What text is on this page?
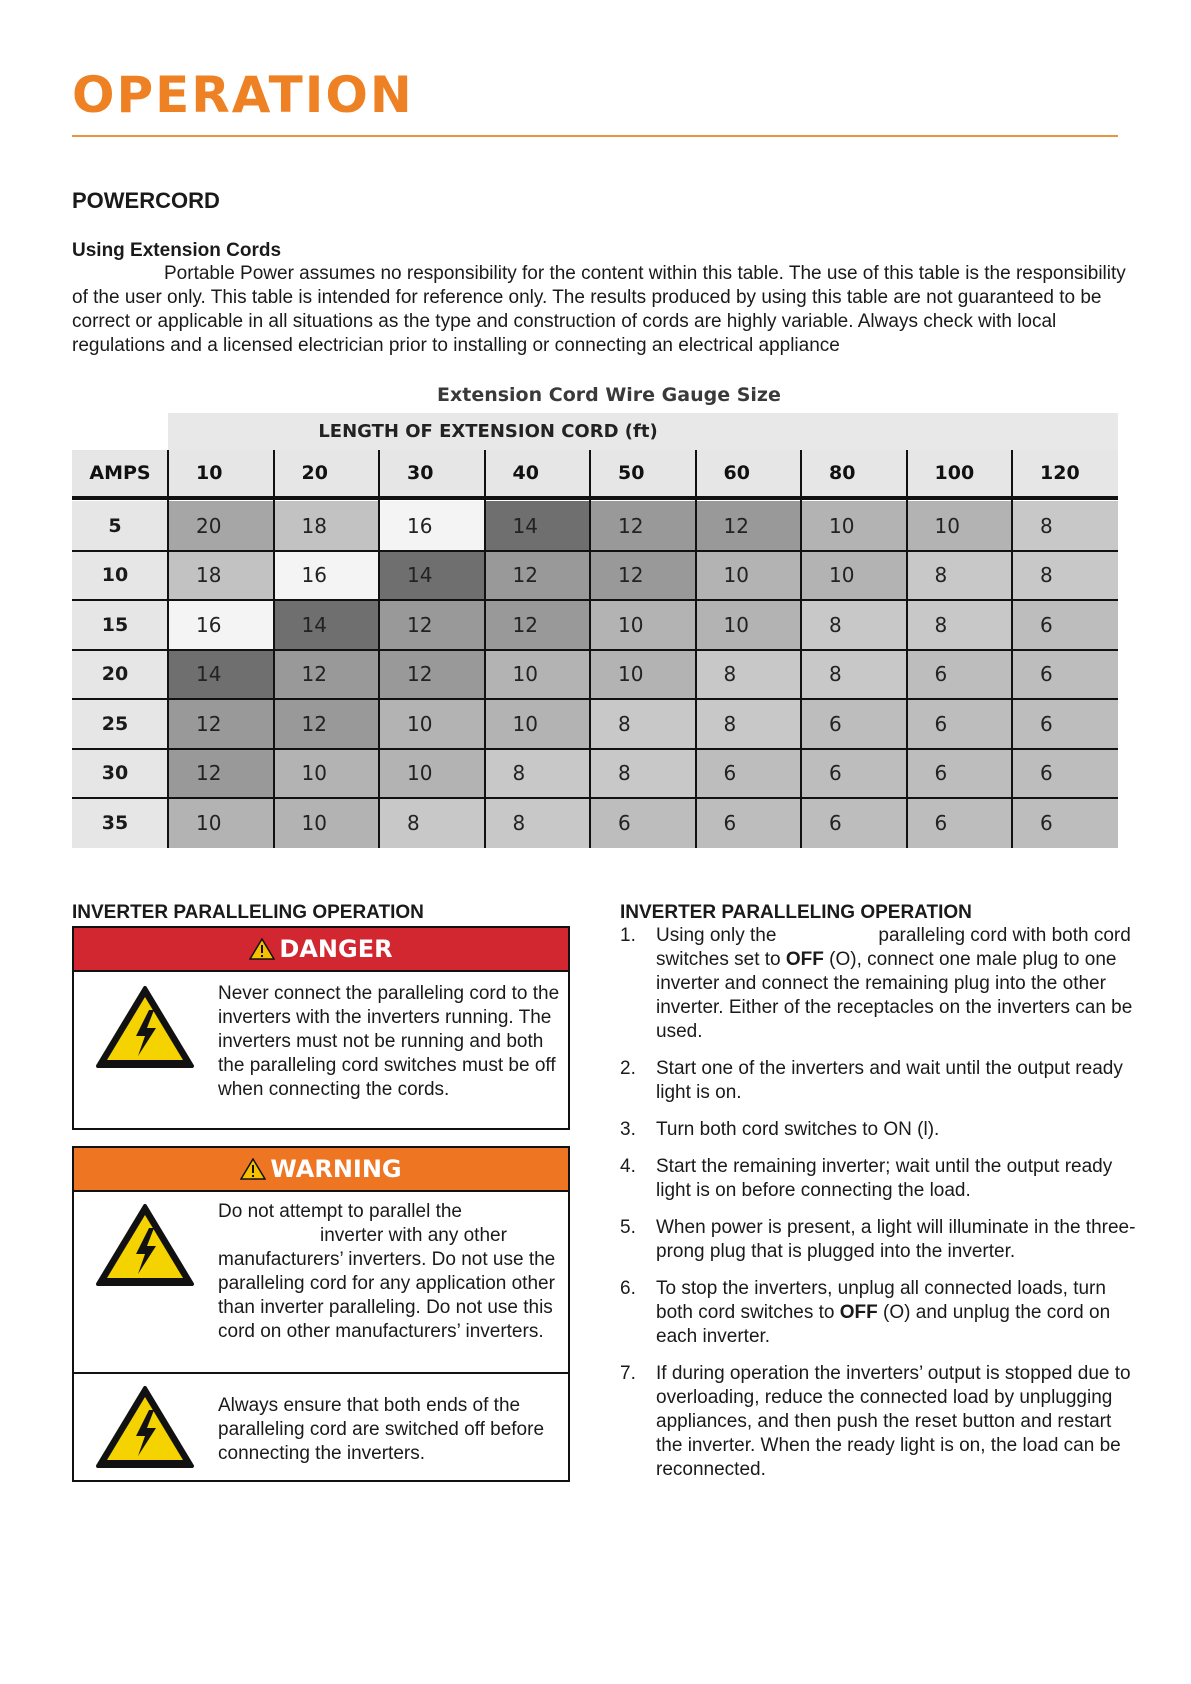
OPERATION
POWERCORD
Using Extension Cords

Portable Power assumes no responsibility for the content within this table. The use of this table is the responsibility of the user only. This table is intended for reference only. The results produced by using this table are not guaranteed to be correct or applicable in all situations as the type and construction of cords are highly variable. Always check with local regulations and a licensed electrician prior to installing or connecting an electrical appliance

Extension Cord Wire Gauge Size
LENGTH OF EXTENSION CORD (ft)
AMPS	10	20	30	40	50	60	80	100	120
5	20	18	16	14	12	12	10	10	8
10	18	16	14	12	12	10	10	8	8
15	16	14	12	12	10	10	8	8	6
20	14	12	12	10	10	8	8	6	6
25	12	12	10	10	8	8	6	6	6
30	12	10	10	8	8	6	6	6	6
35	10	10	8	8	6	6	6	6	6
INVERTER PARALLELING OPERATION
DANGER
Never connect the paralleling cord to the inverters with the inverters running. The inverters must not be running and both the paralleling cord switches must be off when connecting the cords.
WARNING
Do not attempt to parallel the
inverter with any other manufacturers’ inverters. Do not use the paralleling cord for any application other than inverter paralleling. Do not use this cord on other manufacturers’ inverters.
Always ensure that both ends of the paralleling cord are switched off before connecting the inverters.
INVERTER PARALLELING OPERATION
1. Using only the	paralleling cord with both cord switches set to OFF (O), connect one male plug to one inverter and connect the remaining plug into the other inverter. Either of the receptacles on the inverters can be used.
2. Start one of the inverters and wait until the output ready light is on.
3. Turn both cord switches to ON (l).
4. Start the remaining inverter; wait until the output ready light is on before connecting the load.
5. When power is present, a light will illuminate in the three-prong plug that is plugged into the inverter.
6. To stop the inverters, unplug all connected loads, turn both cord switches to OFF (O) and unplug the cord on each inverter.
7. If during operation the inverters’ output is stopped due to overloading, reduce the connected load by unplugging appliances, and then push the reset button and restart the inverter. When the ready light is on, the load can be reconnected.
